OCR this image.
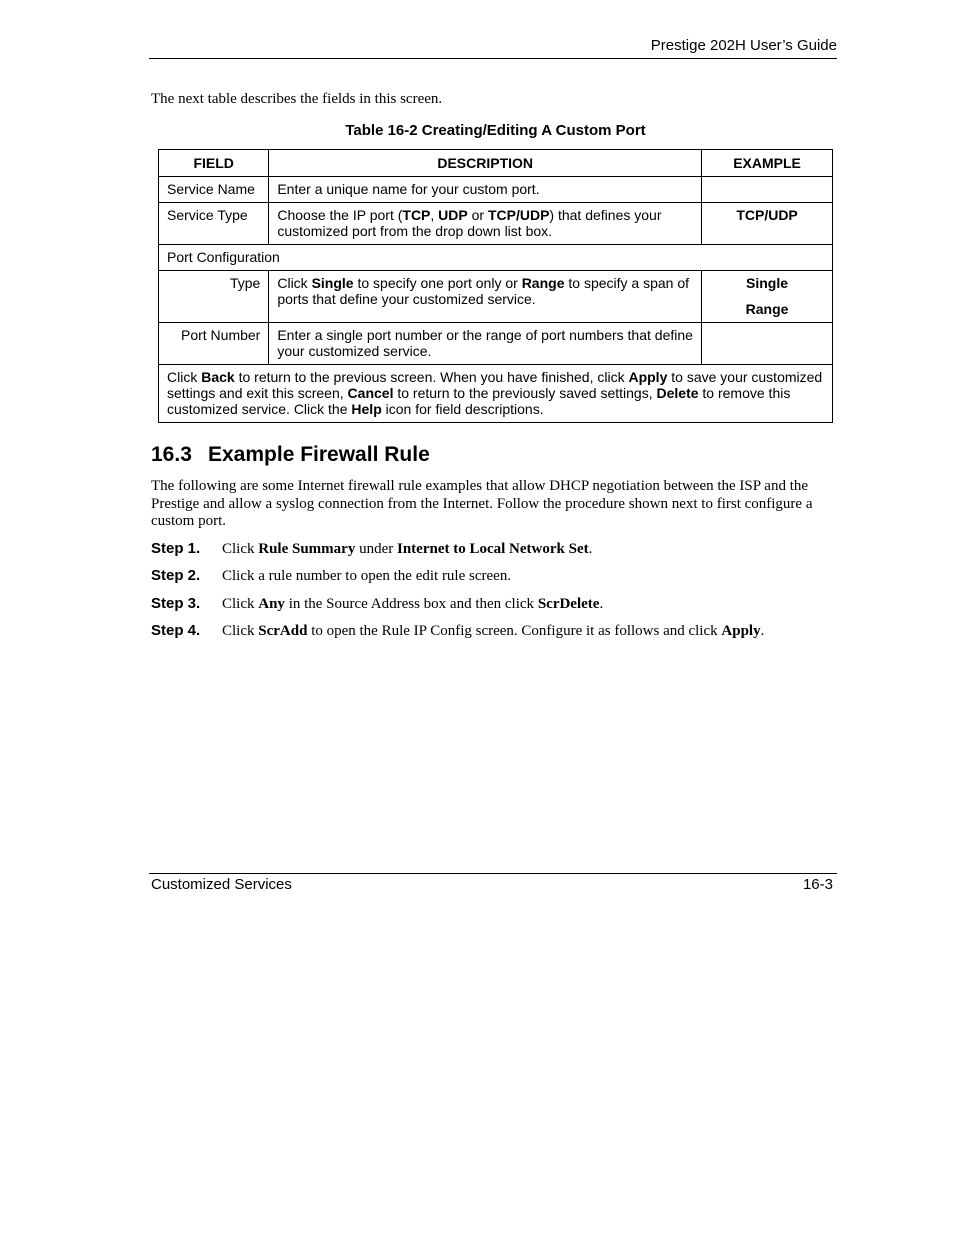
Prestige 202H User’s Guide
The next table describes the fields in this screen.
Table 16-2 Creating/Editing A Custom Port
FIELD	DESCRIPTION	EXAMPLE
Service Name	Enter a unique name for your custom port.	
Service Type	Choose the IP port (TCP, UDP or TCP/UDP) that defines your customized port from the drop down list box.	TCP/UDP

Port Configuration		
Type	Click Single to specify one port only or Range to specify a span of ports that define your customized service.	Single
Range

Port Number	Enter a single port number or the range of port numbers that define your customized service.	
Click Back to return to the previous screen. When you have finished, click Apply to save your customized settings and exit this screen, Cancel to return to the previously saved settings, Delete to remove this customized service. Click the Help icon for field descriptions.		
16.3 Example Firewall Rule
The following are some Internet firewall rule examples that allow DHCP negotiation between the ISP and the Prestige and allow a syslog connection from the Internet. Follow the procedure shown next to first configure a custom port.
Step 1.	Click Rule Summary under Internet to Local Network Set.
Step 2.	Click a rule number to open the edit rule screen.
Step 3.	Click Any in the Source Address box and then click ScrDelete.
Step 4.	Click ScrAdd to open the Rule IP Config screen. Configure it as follows and click Apply.
Customized Services	16-3
